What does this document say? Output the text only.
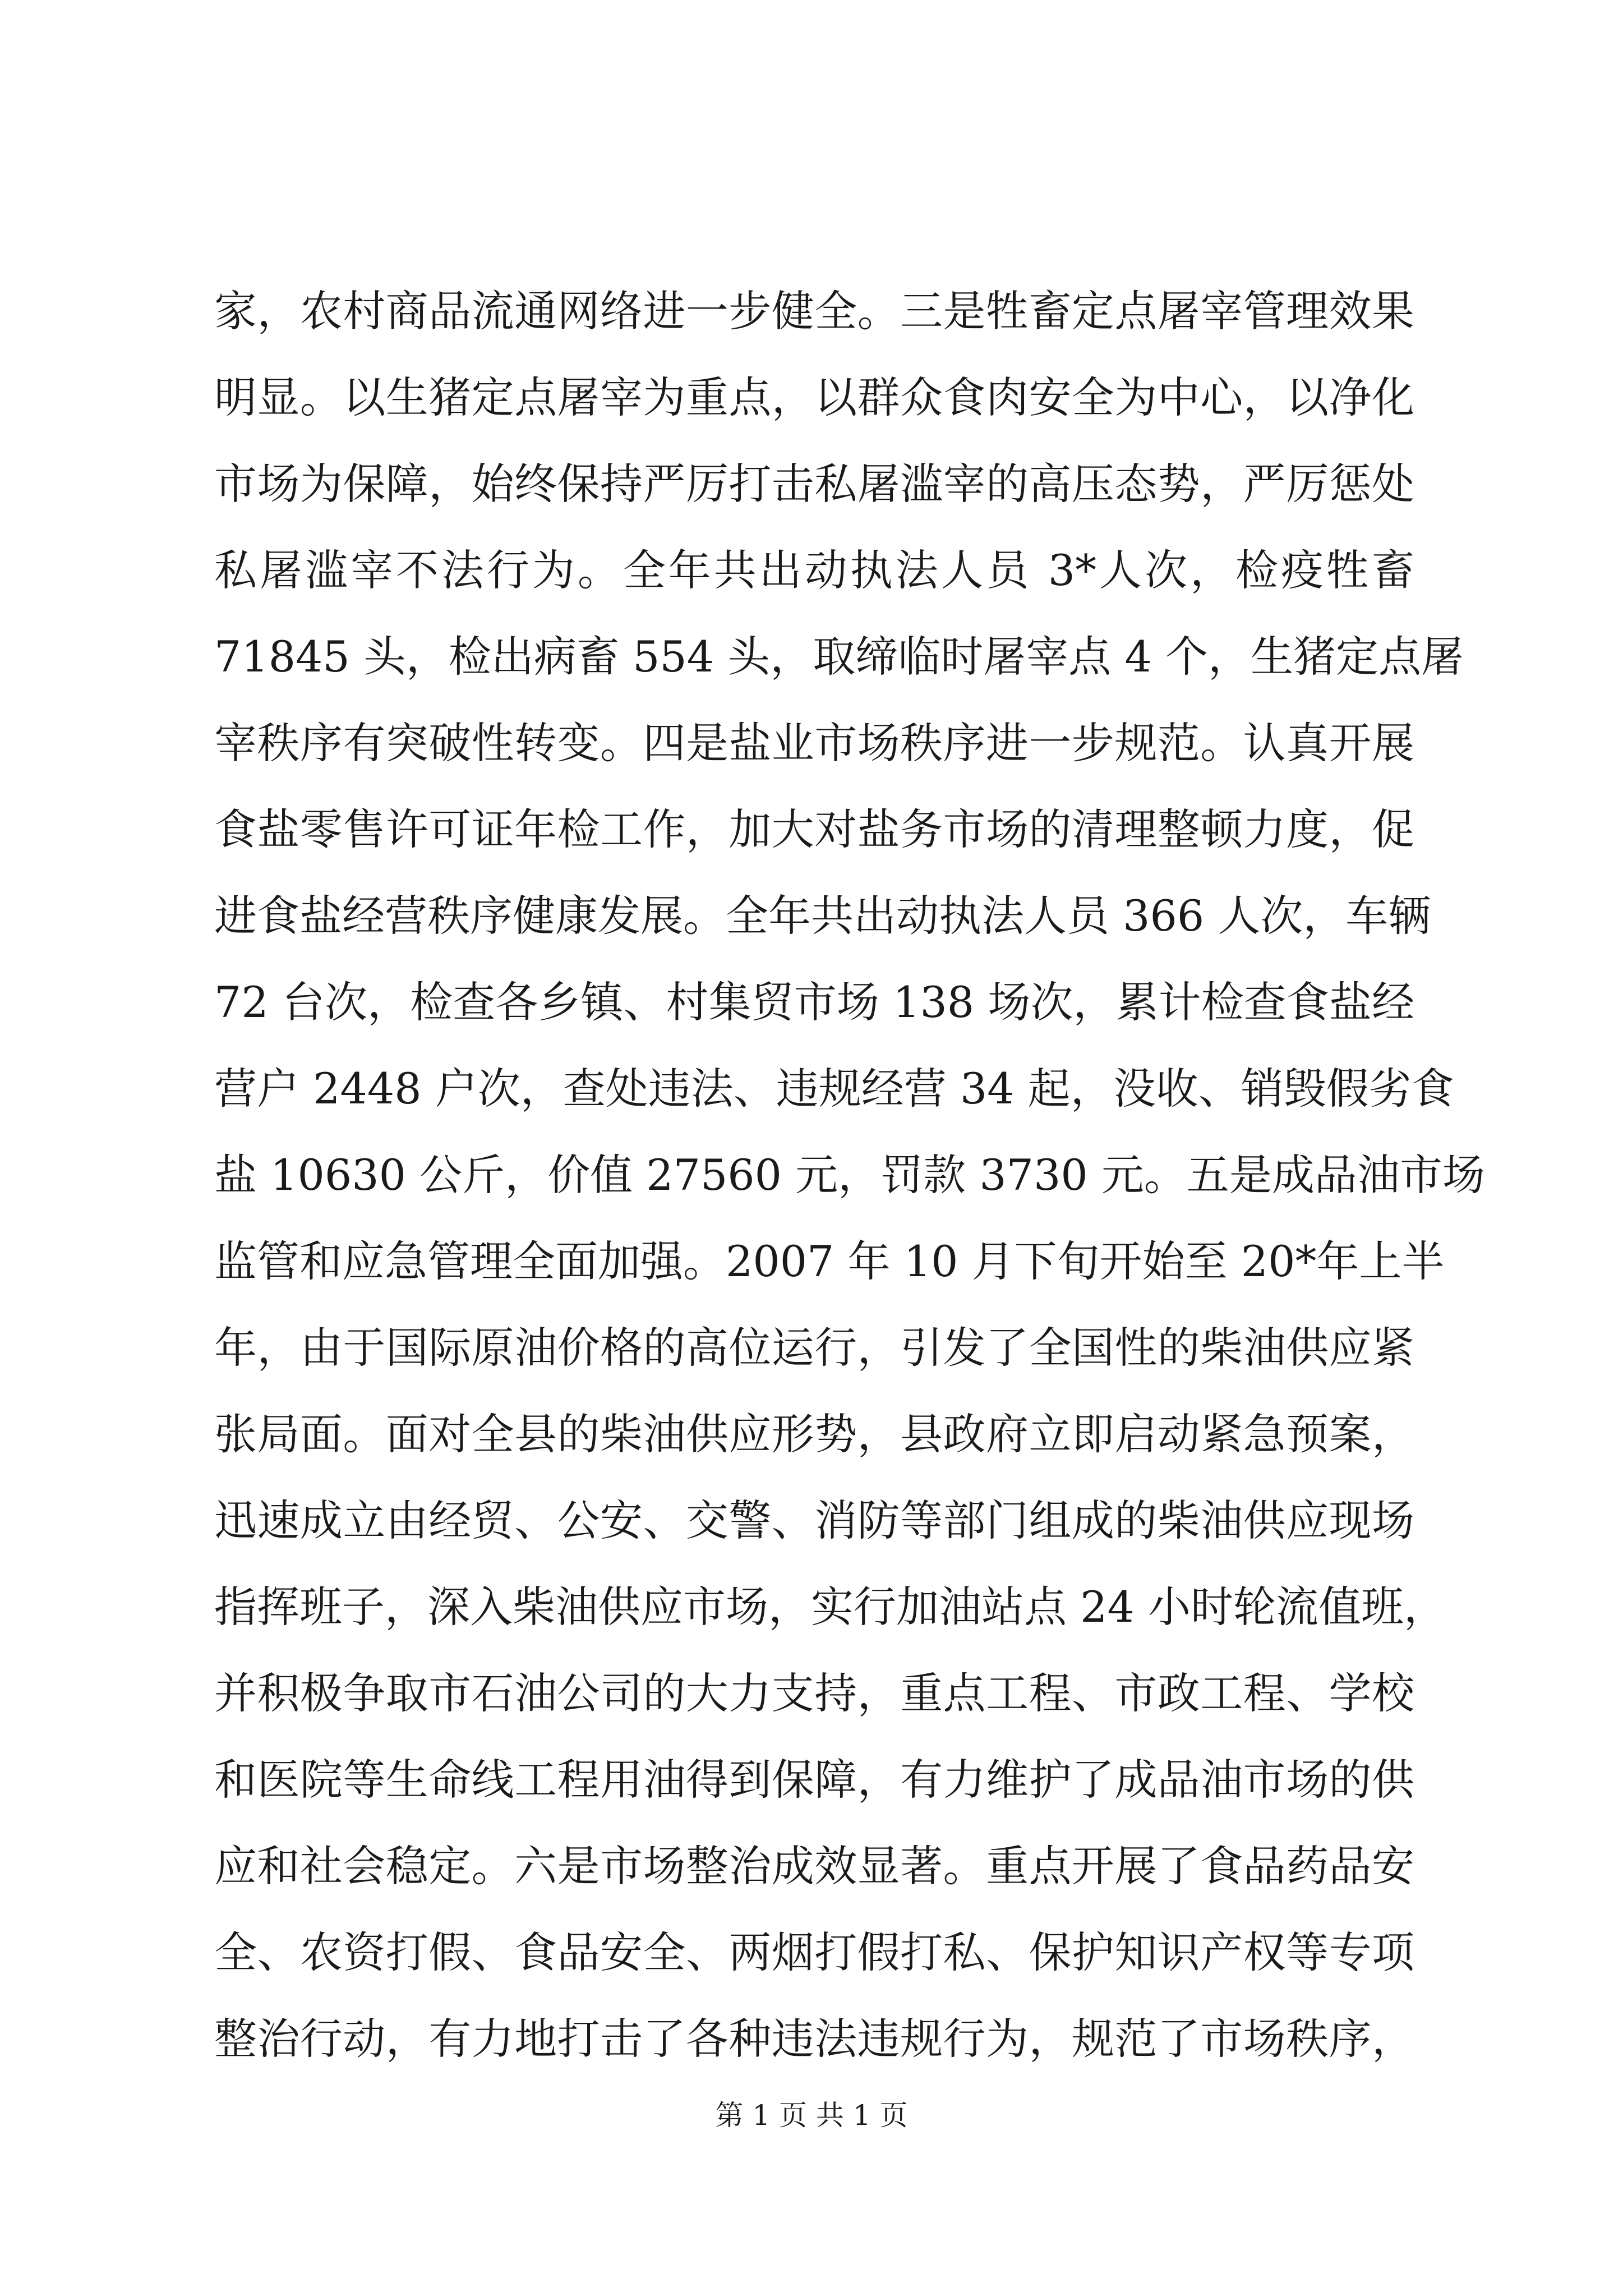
家，农村商品流通网络进一步健全。三是牲畜定点屠宰管理效果
明显。以生猪定点屠宰为重点，以群众食肉安全为中心，以净化
市场为保障，始终保持严厉打击私屠滥宰的高压态势，严厉惩处
私屠滥宰不法行为。全年共出动执法人员 3*人次，检疫牲畜
71845 头，检出病畜 554 头，取缔临时屠宰点 4 个，生猪定点屠
宰秩序有突破性转变。四是盐业市场秩序进一步规范。认真开展
食盐零售许可证年检工作，加大对盐务市场的清理整顿力度，促
进食盐经营秩序健康发展。全年共出动执法人员 366 人次，车辆
72 台次，检查各乡镇、村集贸市场 138 场次，累计检查食盐经
营户 2448 户次，查处违法、违规经营 34 起，没收、销毁假劣食
盐 10630 公斤，价值 27560 元，罚款 3730 元。五是成品油市场
监管和应急管理全面加强。2007 年 10 月下旬开始至 20*年上半
年，由于国际原油价格的高位运行，引发了全国性的柴油供应紧
张局面。面对全县的柴油供应形势，县政府立即启动紧急预案，
迅速成立由经贸、公安、交警、消防等部门组成的柴油供应现场
指挥班子，深入柴油供应市场，实行加油站点 24 小时轮流值班，
并积极争取市石油公司的大力支持，重点工程、市政工程、学校
和医院等生命线工程用油得到保障，有力维护了成品油市场的供
应和社会稳定。六是市场整治成效显著。重点开展了食品药品安
全、农资打假、食品安全、两烟打假打私、保护知识产权等专项
整治行动，有力地打击了各种违法违规行为，规范了市场秩序，
第 1 页 共 1 页
